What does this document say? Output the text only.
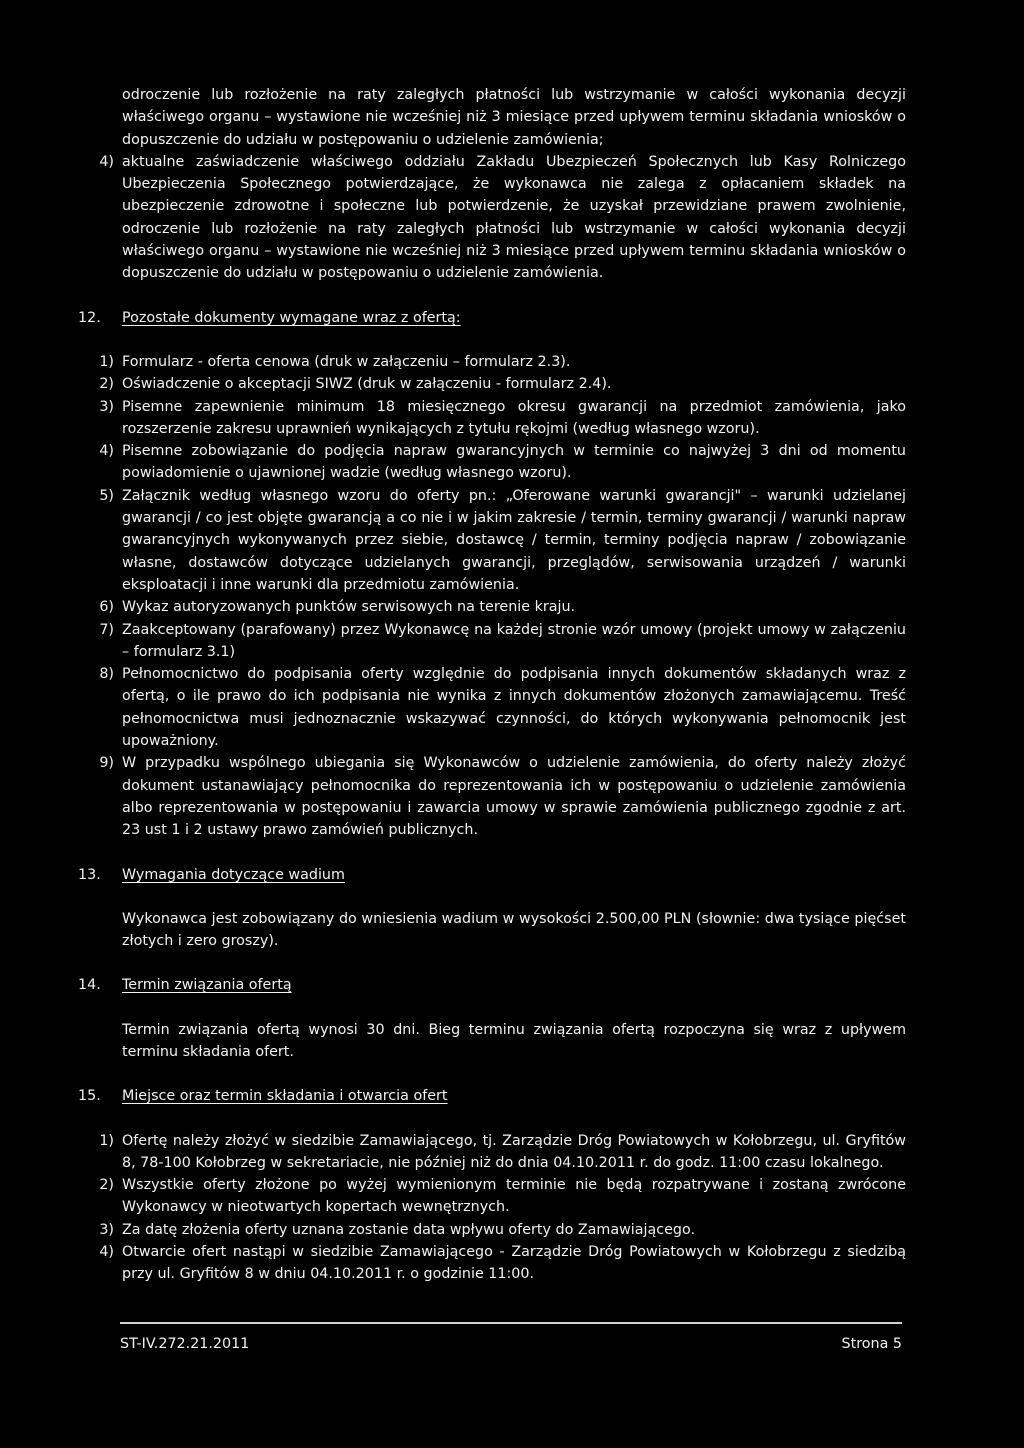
odroczenie lub rozłożenie na raty zaległych płatności lub wstrzymanie w całości wykonania decyzji właściwego organu – wystawione nie wcześniej niż 3 miesiące przed upływem terminu składania wniosków o dopuszczenie do udziału w postępowaniu o udzielenie zamówienia;

4) aktualne zaświadczenie właściwego oddziału Zakładu Ubezpieczeń Społecznych lub Kasy Rolniczego Ubezpieczenia Społecznego potwierdzające, że wykonawca nie zalega z opłacaniem składek na ubezpieczenie zdrowotne i społeczne lub potwierdzenie, że uzyskał przewidziane prawem zwolnienie, odroczenie lub rozłożenie na raty zaległych płatności lub wstrzymanie w całości wykonania decyzji właściwego organu – wystawione nie wcześniej niż 3 miesiące przed upływem terminu składania wniosków o dopuszczenie do udziału w postępowaniu o udzielenie zamówienia.
12. Pozostałe dokumenty wymagane wraz z ofertą:
1) Formularz - oferta cenowa (druk w załączeniu – formularz 2.3).
2) Oświadczenie o akceptacji SIWZ (druk w załączeniu - formularz 2.4).
3) Pisemne zapewnienie minimum 18 miesięcznego okresu gwarancji na przedmiot zamówienia, jako rozszerzenie zakresu uprawnień wynikających z tytułu rękojmi (według własnego wzoru).
4) Pisemne zobowiązanie do podjęcia napraw gwarancyjnych w terminie co najwyżej 3 dni od momentu powiadomienie o ujawnionej wadzie (według własnego wzoru).
5) Załącznik według własnego wzoru do oferty pn.: „Oferowane warunki gwarancji" – warunki udzielanej gwarancji / co jest objęte gwarancją a co nie i w jakim zakresie / termin, terminy gwarancji / warunki napraw gwarancyjnych wykonywanych przez siebie, dostawcę / termin, terminy podjęcia napraw / zobowiązanie własne, dostawców dotyczące udzielanych gwarancji, przeglądów, serwisowania urządzeń / warunki eksploatacji i inne warunki dla przedmiotu zamówienia.
6) Wykaz autoryzowanych punktów serwisowych na terenie kraju.
7) Zaakceptowany (parafowany) przez Wykonawcę na każdej stronie wzór umowy (projekt umowy w załączeniu – formularz 3.1)
8) Pełnomocnictwo do podpisania oferty względnie do podpisania innych dokumentów składanych wraz z ofertą, o ile prawo do ich podpisania nie wynika z innych dokumentów złożonych zamawiającemu. Treść pełnomocnictwa musi jednoznacznie wskazywać czynności, do których wykonywania pełnomocnik jest upoważniony.
9) W przypadku wspólnego ubiegania się Wykonawców o udzielenie zamówienia, do oferty należy złożyć dokument ustanawiający pełnomocnika do reprezentowania ich w postępowaniu o udzielenie zamówienia albo reprezentowania w postępowaniu i zawarcia umowy w sprawie zamówienia publicznego zgodnie z art. 23 ust 1 i 2 ustawy prawo zamówień publicznych.
13. Wymagania dotyczące wadium

Wykonawca jest zobowiązany do wniesienia wadium w wysokości 2.500,00 PLN (słownie: dwa tysiące pięćset złotych i zero groszy).

14. Termin związania ofertą

Termin związania ofertą wynosi 30 dni. Bieg terminu związania ofertą rozpoczyna się wraz z upływem terminu składania ofert.

15. Miejsce oraz termin składania i otwarcia ofert
1) Ofertę należy złożyć w siedzibie Zamawiającego, tj. Zarządzie Dróg Powiatowych w Kołobrzegu, ul. Gryfitów 8, 78-100 Kołobrzeg w sekretariacie, nie później niż do dnia 04.10.2011 r. do godz. 11:00 czasu lokalnego.
2) Wszystkie oferty złożone po wyżej wymienionym terminie nie będą rozpatrywane i zostaną zwrócone Wykonawcy w nieotwartych kopertach wewnętrznych.
3) Za datę złożenia oferty uznana zostanie data wpływu oferty do Zamawiającego.
4) Otwarcie ofert nastąpi w siedzibie Zamawiającego - Zarządzie Dróg Powiatowych w Kołobrzegu z siedzibą przy ul. Gryfitów 8 w dniu 04.10.2011 r. o godzinie 11:00.
ST-IV.272.21.2011	Strona 5
